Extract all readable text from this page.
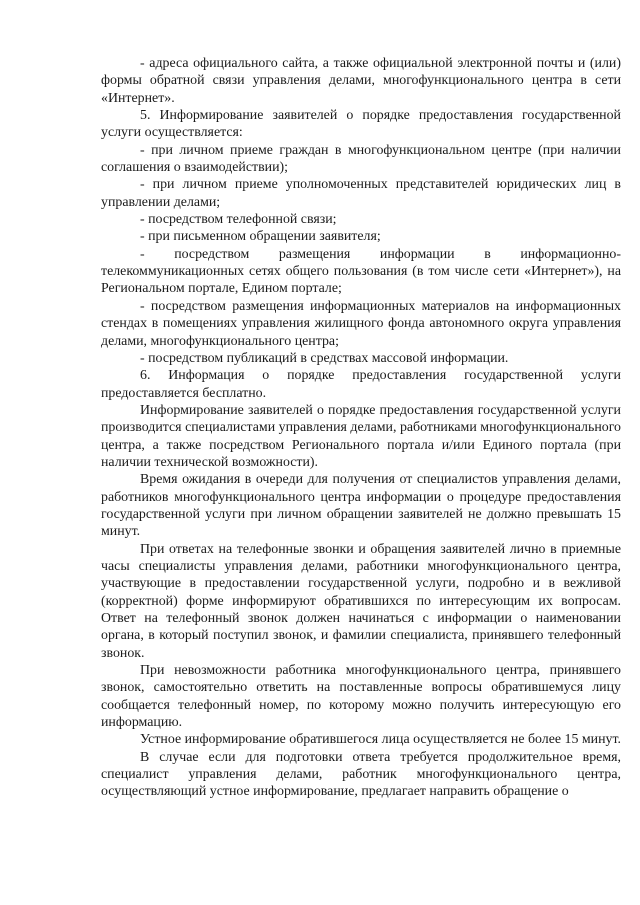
- адреса официального сайта, а также официальной электронной почты и (или) формы обратной связи управления делами, многофункционального центра в сети «Интернет».

5. Информирование заявителей о порядке предоставления государственной услуги осуществляется:

- при личном приеме граждан в многофункциональном центре (при наличии соглашения о взаимодействии);

- при личном приеме уполномоченных представителей юридических лиц в управлении делами;

- посредством телефонной связи;

- при письменном обращении заявителя;

- посредством размещения информации в информационно-телекоммуникационных сетях общего пользования (в том числе сети «Интернет»), на Региональном портале, Едином портале;

- посредством размещения информационных материалов на информационных стендах в помещениях управления жилищного фонда автономного округа управления делами, многофункционального центра;

- посредством публикаций в средствах массовой информации.

6. Информация о порядке предоставления государственной услуги предоставляется бесплатно.

Информирование заявителей о порядке предоставления государственной услуги производится специалистами управления делами, работниками многофункционального центра, а также посредством Регионального портала и/или Единого портала (при наличии технической возможности).

Время ожидания в очереди для получения от специалистов управления делами, работников многофункционального центра информации о процедуре предоставления государственной услуги при личном обращении заявителей не должно превышать 15 минут.

При ответах на телефонные звонки и обращения заявителей лично в приемные часы специалисты управления делами, работники многофункционального центра, участвующие в предоставлении государственной услуги, подробно и в вежливой (корректной) форме информируют обратившихся по интересующим их вопросам. Ответ на телефонный звонок должен начинаться с информации о наименовании органа, в который поступил звонок, и фамилии специалиста, принявшего телефонный звонок.

При невозможности работника многофункционального центра, принявшего звонок, самостоятельно ответить на поставленные вопросы обратившемуся лицу сообщается телефонный номер, по которому можно получить интересующую его информацию.

Устное информирование обратившегося лица осуществляется не более 15 минут.

В случае если для подготовки ответа требуется продолжительное время, специалист управления делами, работник многофункционального центра, осуществляющий устное информирование, предлагает направить обращение о
